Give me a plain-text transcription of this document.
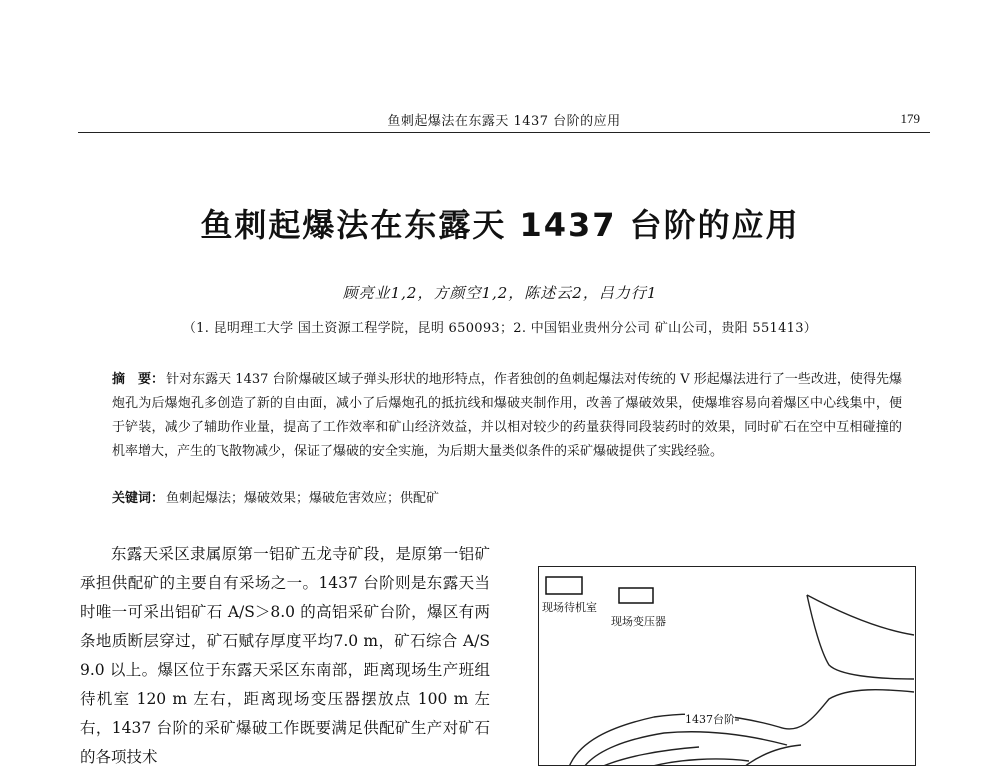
鱼刺起爆法在东露天 1437 台阶的应用	179
鱼刺起爆法在东露天 1437 台阶的应用
顾亮业1,2，方颜空1,2，陈述云2，吕力行1
（1. 昆明理工大学 国土资源工程学院，昆明 650093；2. 中国铝业贵州分公司 矿山公司，贵阳 551413）
摘　要： 针对东露天 1437 台阶爆破区域子弹头形状的地形特点，作者独创的鱼刺起爆法对传统的 V 形起爆法进行了一些改进，使得先爆炮孔为后爆炮孔多创造了新的自由面，减小了后爆炮孔的抵抗线和爆破夹制作用，改善了爆破效果，使爆堆容易向着爆区中心线集中，便于铲装，减少了辅助作业量，提高了工作效率和矿山经济效益，并以相对较少的药量获得同段装药时的效果，同时矿石在空中互相碰撞的机率增大，产生的飞散物减少，保证了爆破的安全实施，为后期大量类似条件的采矿爆破提供了实践经验。
关键词： 鱼刺起爆法；爆破效果；爆破危害效应；供配矿
东露天采区隶属原第一铝矿五龙寺矿段，是原第一铝矿承担供配矿的主要自有采场之一。1437 台阶则是东露天当时唯一可采出铝矿石 A/S＞8.0 的高铝采矿台阶，爆区有两条地质断层穿过，矿石赋存厚度平均7.0 m，矿石综合 A/S 9.0 以上。爆区位于东露天采区东南部，距离现场生产班组待机室 120 m 左右，距离现场变压器摆放点 100 m 左右，1437 台阶的采矿爆破工作既要满足供配矿生产对矿石的各项技术
现场待机室
现场变压器
1437台阶
